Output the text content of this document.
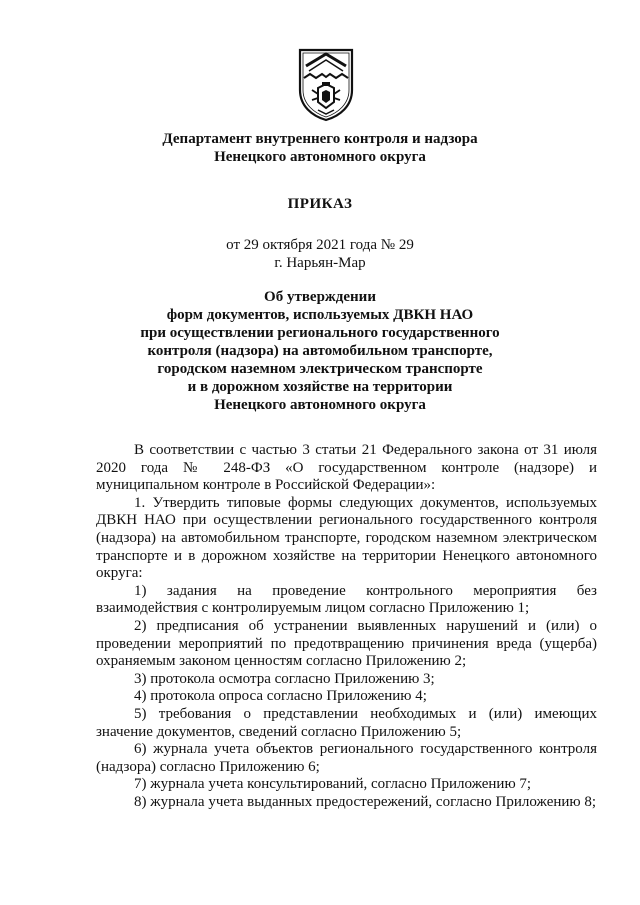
Департамент внутреннего контроля и надзора
Ненецкого автономного округа
ПРИКАЗ
от 29 октября 2021 года № 29
г. Нарьян-Мар
Об утверждении
форм документов, используемых ДВКН НАО
при осуществлении регионального государственного
контроля (надзора) на автомобильном транспорте,
городском наземном электрическом транспорте
и в дорожном хозяйстве на территории
Ненецкого автономного округа

В соответствии с частью 3 статьи 21 Федерального закона от 31 июля 2020 года № 248-ФЗ «О государственном контроле (надзоре) и муниципальном контроле в Российской Федерации»:

1. Утвердить типовые формы следующих документов, используемых ДВКН НАО при осуществлении регионального государственного контроля (надзора) на автомобильном транспорте, городском наземном электрическом транспорте и в дорожном хозяйстве на территории Ненецкого автономного округа:

1) задания на проведение контрольного мероприятия без взаимодействия с контролируемым лицом согласно Приложению 1;

2) предписания об устранении выявленных нарушений и (или) о проведении мероприятий по предотвращению причинения вреда (ущерба) охраняемым законом ценностям согласно Приложению 2;

3) протокола осмотра согласно Приложению 3;

4) протокола опроса согласно Приложению 4;

5) требования о представлении необходимых и (или) имеющих значение документов, сведений согласно Приложению 5;

6) журнала учета объектов регионального государственного контроля (надзора) согласно Приложению 6;

7) журнала учета консультирований, согласно Приложению 7;

8) журнала учета выданных предостережений, согласно Приложению 8;
